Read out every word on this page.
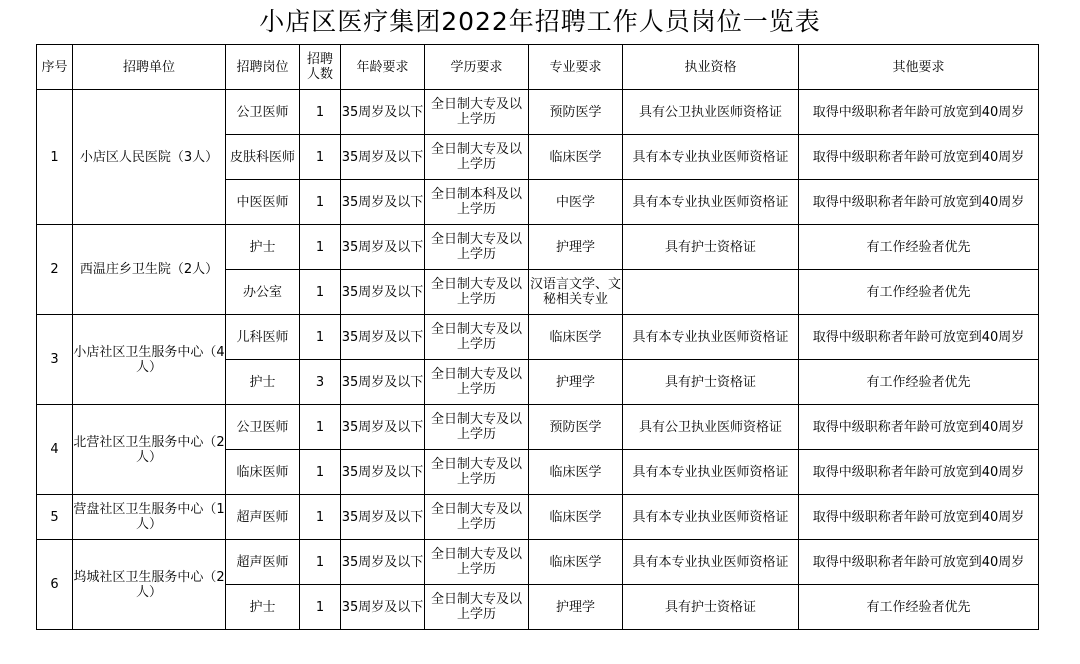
小店区医疗集团2022年招聘工作人员岗位一览表
序号	招聘单位	招聘岗位	招聘人数	年龄要求	学历要求	专业要求	执业资格	其他要求
1	小店区人民医院（3人）	公卫医师	1	35周岁及以下	全日制大专及以上学历	预防医学	具有公卫执业医师资格证	取得中级职称者年龄可放宽到40周岁
		皮肤科医师	1	35周岁及以下	全日制大专及以上学历	临床医学	具有本专业执业医师资格证	取得中级职称者年龄可放宽到40周岁
		中医医师	1	35周岁及以下	全日制本科及以上学历	中医学	具有本专业执业医师资格证	取得中级职称者年龄可放宽到40周岁
2	西温庄乡卫生院（2人）	护士	1	35周岁及以下	全日制大专及以上学历	护理学	具有护士资格证	有工作经验者优先
		办公室	1	35周岁及以下	全日制大专及以上学历	汉语言文学、文秘相关专业		有工作经验者优先
3	小店社区卫生服务中心（4人）	儿科医师	1	35周岁及以下	全日制大专及以上学历	临床医学	具有本专业执业医师资格证	取得中级职称者年龄可放宽到40周岁
		护士	3	35周岁及以下	全日制大专及以上学历	护理学	具有护士资格证	有工作经验者优先
4	北营社区卫生服务中心（2人）	公卫医师	1	35周岁及以下	全日制大专及以上学历	预防医学	具有公卫执业医师资格证	取得中级职称者年龄可放宽到40周岁
		临床医师	1	35周岁及以下	全日制大专及以上学历	临床医学	具有本专业执业医师资格证	取得中级职称者年龄可放宽到40周岁
5	营盘社区卫生服务中心（1人）	超声医师	1	35周岁及以下	全日制大专及以上学历	临床医学	具有本专业执业医师资格证	取得中级职称者年龄可放宽到40周岁
6	坞城社区卫生服务中心（2人）	超声医师	1	35周岁及以下	全日制大专及以上学历	临床医学	具有本专业执业医师资格证	取得中级职称者年龄可放宽到40周岁
		护士	1	35周岁及以下	全日制大专及以上学历	护理学	具有护士资格证	有工作经验者优先
